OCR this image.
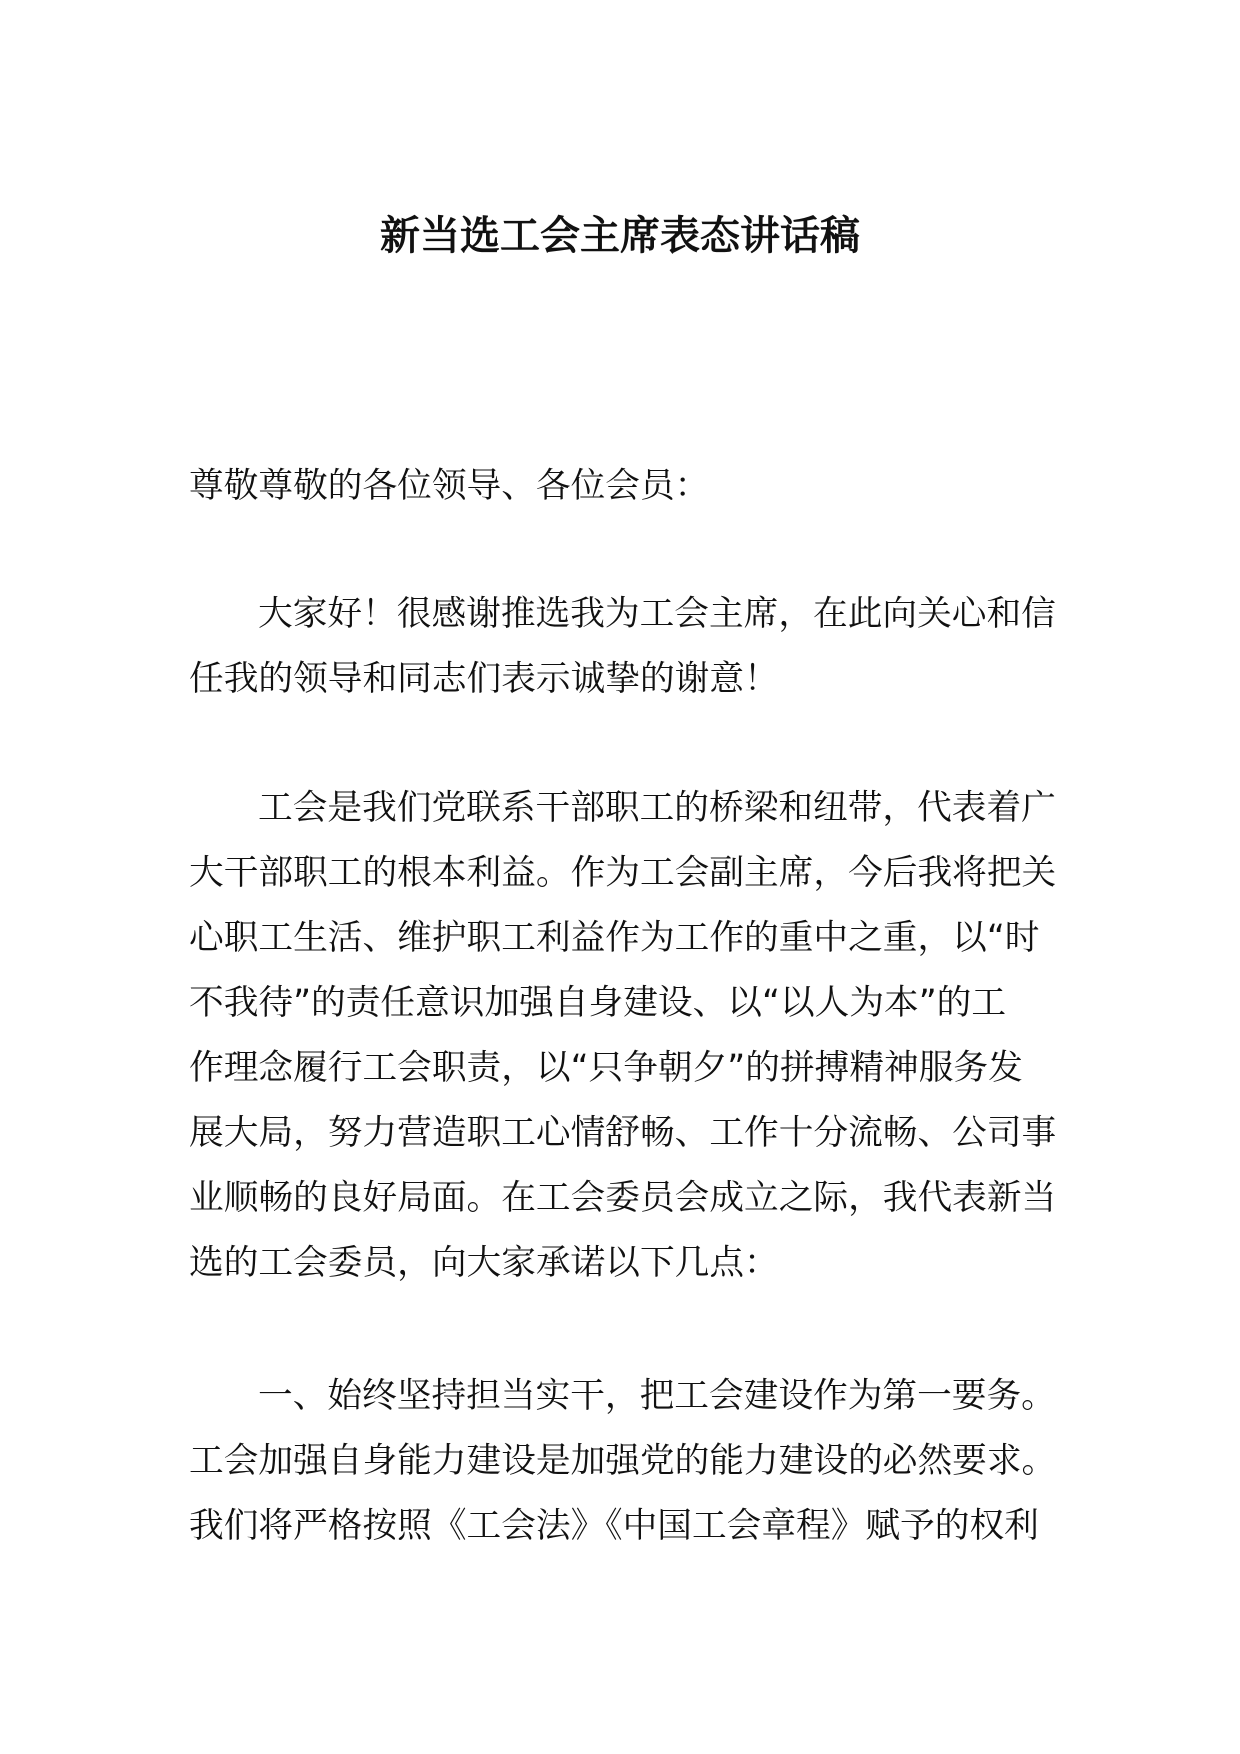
新当选工会主席表态讲话稿
尊敬尊敬的各位领导、各位会员：
大家好！很感谢推选我为工会主席，在此向关心和信
任我的领导和同志们表示诚挚的谢意！
工会是我们党联系干部职工的桥梁和纽带，代表着广
大干部职工的根本利益。作为工会副主席，今后我将把关
心职工生活、维护职工利益作为工作的重中之重，以“时
不我待”的责任意识加强自身建设、以“以人为本”的工
作理念履行工会职责，以“只争朝夕”的拼搏精神服务发
展大局，努力营造职工心情舒畅、工作十分流畅、公司事
业顺畅的良好局面。在工会委员会成立之际，我代表新当
选的工会委员，向大家承诺以下几点：
一、始终坚持担当实干，把工会建设作为第一要务。
工会加强自身能力建设是加强党的能力建设的必然要求。
我们将严格按照《工会法》《中国工会章程》赋予的权利
